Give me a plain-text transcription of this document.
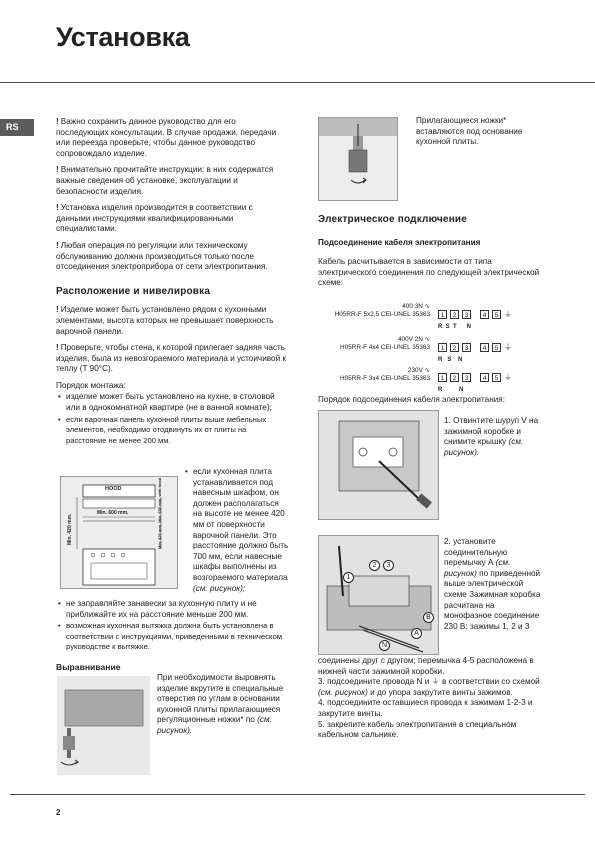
Установка
RS

! Важно сохранить данное руководство для его последующих консультации. В случае продажи, передачи или переезда проверьте, чтобы данное руководство сопровождало изделие.

! Внимательно прочитайте инструкции: в них содержатся важные сведения об установке, эксплуатации и безопасности изделия.

! Установка изделия производится в соответствии с данными инструкциями квалифицированными специалистами.

! Любая операция по регуляции или техническому обслуживанию должна производиться только после отсоединения электроприбора от сети электропитания.

Расположение и нивелировка

! Изделие может быть установлено рядом с кухонными элементами, высота которых не превышает поверхность варочной панели.

! Проверьте, чтобы стена, к которой прилегает задняя часть изделия, была из невозгораемого материала и устоичивой к теплу (T 90°C).

Порядок монтажа:

• изделие может быть установлено на кухне, в столовой или в однокомнатной квартире (не в ванной комнате);
• если варочная панель кухонной плиты выше мебельных элементов, необходимо отодвинуть их от плиты на расстояние не менее 200 мм.
HOOD
Min. 600 mm.
Min. 420 mm.	Min. 420 mm. Min. 650 mm. with hood
• если кухонная плита устанавливается под навесным шкафом, он должен располагаться на высоте не менее 420 мм от поверхности варочной панели. Это расстояние должно быть 700 мм, если навесные шкафы выполнены из возгораемого материала (см. рисунок);
• не заправляйте занавески за кухонную плиту и не приближайте их на расстояние меньше 200 мм.
• возможная кухонная вытяжка должна быть установлена в соответствии с инструкциями, приведенными в техническом руководстве к вытяжке.
Выравнивание

При необходимости выровнять изделие вкрутите в специальные отверстия по углам в основании кухонной плиты прилагающиеся регуляционные ножки* по (см. рисунок).

Прилагающиеся ножки* вставляются под основание кухонной плиты.
Электрическое подключение
Подсоединение кабеля электропитания
Кабель расчитывается в зависимости от типа электрического соединения по следующей электрической схеме:
400 3N ∿
H05RR-F 5x2,5 CEI-UNEL 35363	1 2 3 4 5 ⏚
R  S  T      N
400V 2N ∿
H05RR-F 4x4 CEI-UNEL 35363	1 2 3 4 5 ⏚
R   S    N
230V ∿
H05RR-F 3x4 CEI-UNEL 35363	1 2 3 4 5 ⏚
R          N
Порядок подсоединения кабеля электропитания:
1. Отвинтите шуруп V на зажимной коробке и снимите крышку (см. рисунок).
1
2	3
B
A
N
2. установите соединительную перемычку А (см. рисунок) по приведенной выше электрической схеме Зажимная коробка расчитана на монофазное соединение 230 В: зажимы 1, 2 и 3

соединены друг с другом; перемычка 4-5 расположена в нижней части зажимной коробки.

3. подсоедините провода N и ⏚ в соответствии со схемой (см. рисунок) и до упора закрутите винты зажимов.

4. подсоедините оставшиеся провода к зажимам 1-2-3 и закрутите винты.

5. закрепите кабель электропитания в специальном кабельном сальнике.

2
